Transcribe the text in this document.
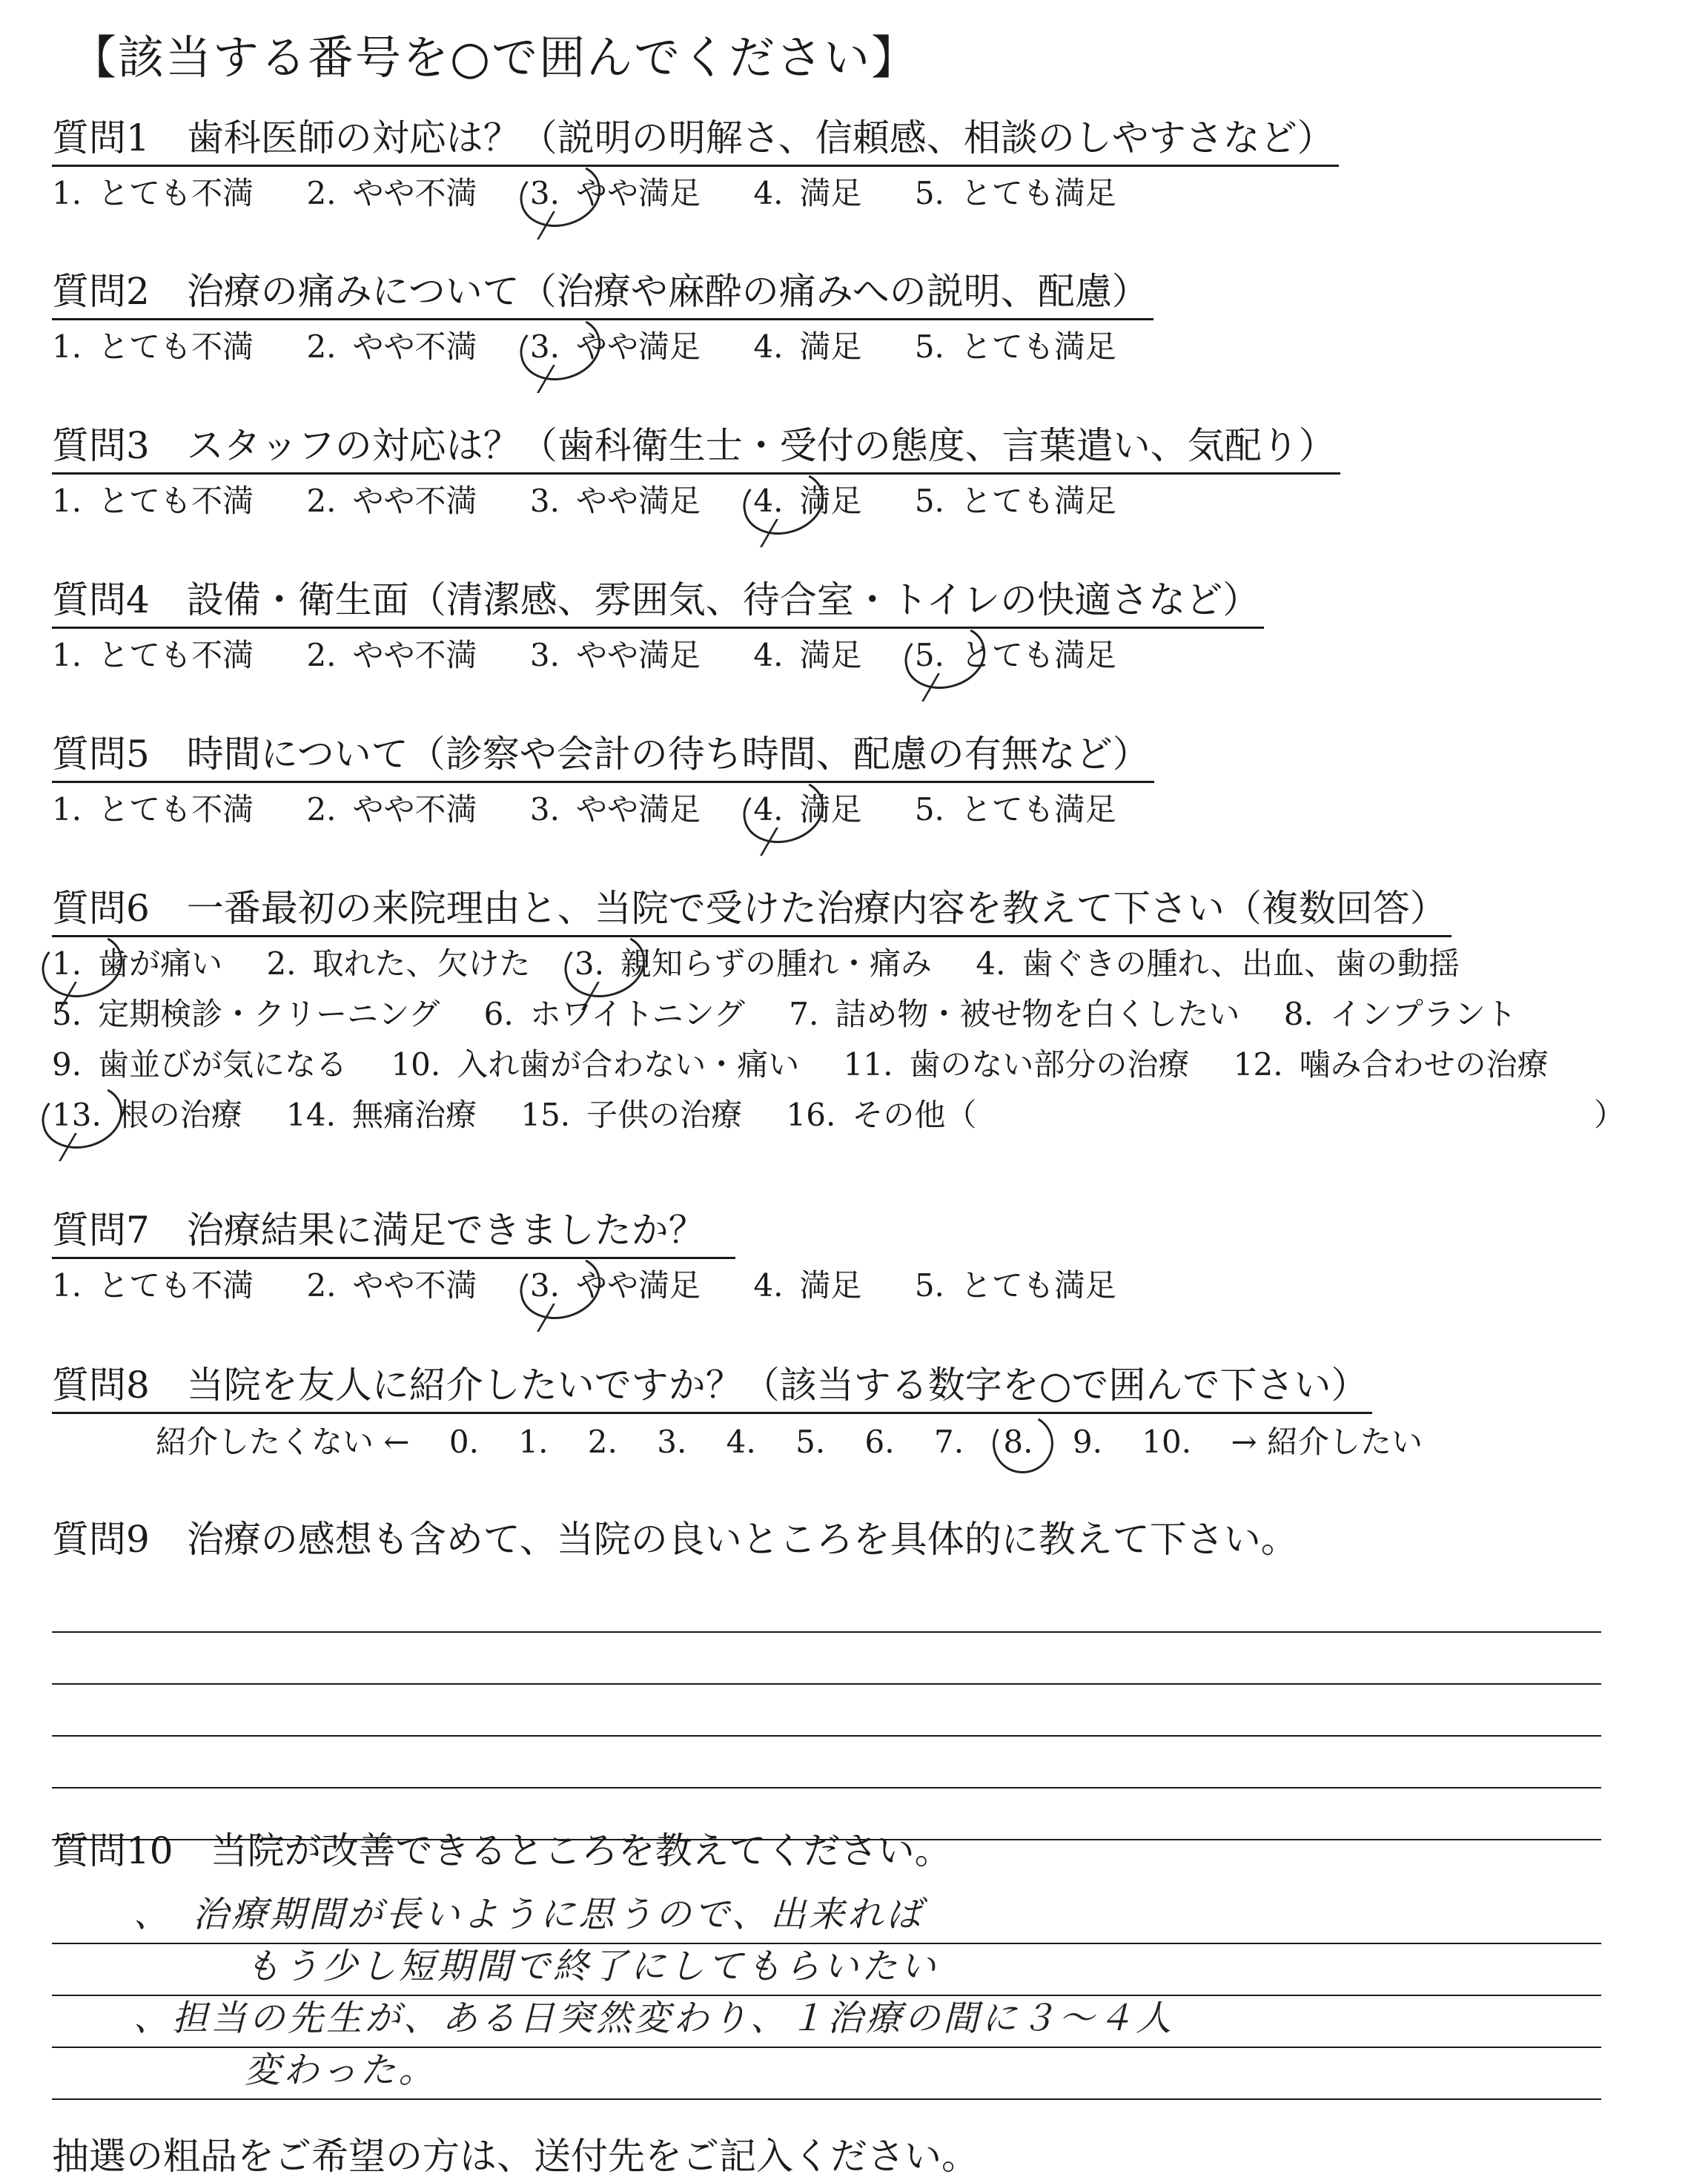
【該当する番号を○で囲んでください】
質問1　歯科医師の対応は？（説明の明解さ、信頼感、相談のしやすさなど）
1. とても不満 2. やや不満 3. やや満足 4. 満足 5. とても満足
質問2　治療の痛みについて（治療や麻酔の痛みへの説明、配慮）
1. とても不満 2. やや不満 3. やや満足 4. 満足 5. とても満足
質問3　スタッフの対応は？（歯科衛生士・受付の態度、言葉遣い、気配り）
1. とても不満 2. やや不満 3. やや満足 4. 満足 5. とても満足
質問4　設備・衛生面（清潔感、雰囲気、待合室・トイレの快適さなど）
1. とても不満 2. やや不満 3. やや満足 4. 満足 5. とても満足
質問5　時間について（診察や会計の待ち時間、配慮の有無など）
1. とても不満 2. やや不満 3. やや満足 4. 満足 5. とても満足
質問6　一番最初の来院理由と、当院で受けた治療内容を教えて下さい（複数回答）
1. 歯が痛い 2. 取れた、欠けた 3. 親知らずの腫れ・痛み 4. 歯ぐきの腫れ、出血、歯の動揺
5. 定期検診・クリーニング 6. ホワイトニング 7. 詰め物・被せ物を白くしたい 8. インプラント
9. 歯並びが気になる 10. 入れ歯が合わない・痛い 11. 歯のない部分の治療 12. 噛み合わせの治療
13. 根の治療 14. 無痛治療 15. 子供の治療 16. その他（	）
質問7　治療結果に満足できましたか？
1. とても不満 2. やや不満 3. やや満足 4. 満足 5. とても満足
質問8　当院を友人に紹介したいですか？（該当する数字を○で囲んで下さい）
紹介したくない ← 0. 1. 2. 3. 4. 5. 6. 7. 8. 9. 10. → 紹介したい
質問9　治療の感想も含めて、当院の良いところを具体的に教えて下さい。
質問10　当院が改善できるところを教えてください。
、　治療期間が長いように思うので、出来れば
もう少し短期間で終了にしてもらいたい
、担当の先生が、ある日突然変わり、１治療の間に３〜４人
変わった。
抽選の粗品をご希望の方は、送付先をご記入ください。
